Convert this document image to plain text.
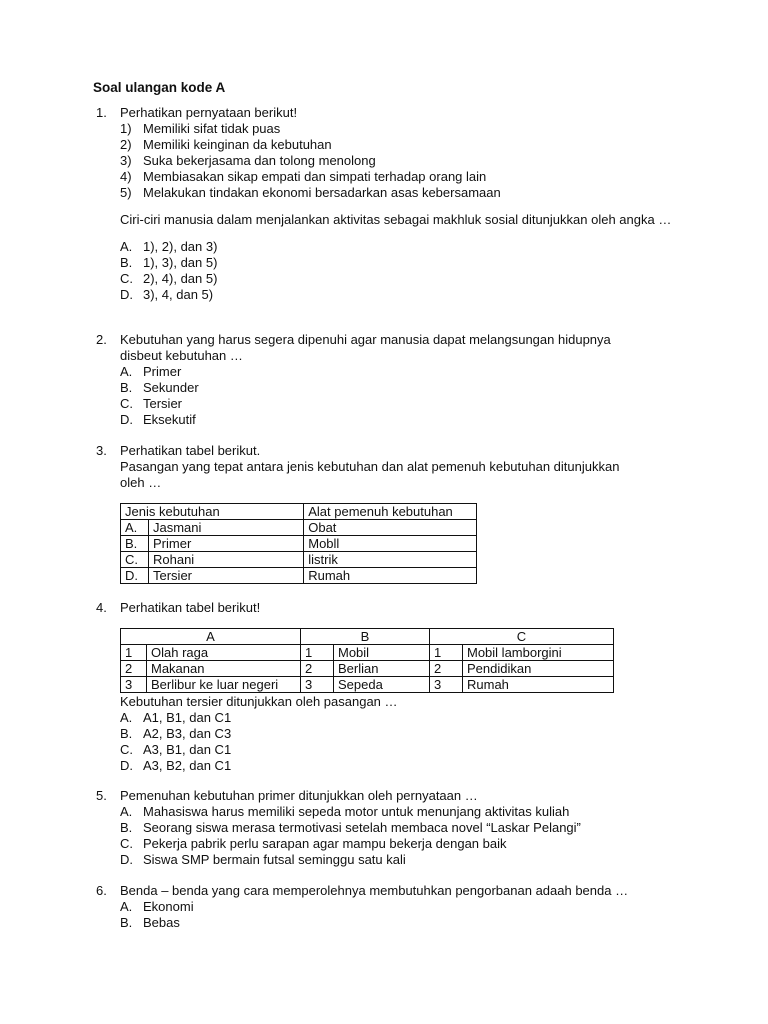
Soal ulangan kode A
1.	Perhatikan pernyataan berikut!
1) Memiliki sifat tidak puas
2) Memiliki keinginan da kebutuhan
3) Suka bekerjasama dan tolong menolong
4) Membiasakan sikap empati dan simpati terhadap orang lain
5) Melakukan tindakan ekonomi bersadarkan asas kebersamaan
Ciri-ciri manusia dalam menjalankan aktivitas sebagai makhluk sosial ditunjukkan oleh angka …
A. 1), 2), dan 3)
B. 1), 3), dan 5)
C. 2), 4), dan 5)
D. 3), 4, dan 5)
2.	Kebutuhan yang harus segera dipenuhi agar manusia dapat melangsungan hidupnya
disbeut kebutuhan …
A. Primer
B. Sekunder
C. Tersier
D. Eksekutif
3.	Perhatikan tabel berikut.
Pasangan yang tepat antara jenis kebutuhan dan alat pemenuh kebutuhan ditunjukkan
oleh …
Jenis kebutuhan		Alat pemenuh kebutuhan
A.	Jasmani	Obat
B.	Primer	Mobll
C.	Rohani	listrik
D.	Tersier	Rumah
4.	Perhatikan tabel berikut!
A		B		C	
1	Olah raga	1	Mobil	1	Mobil lamborgini
2	Makanan	2	Berlian	2	Pendidikan
3	Berlibur ke luar negeri	3	Sepeda	3	Rumah
Kebutuhan tersier ditunjukkan oleh pasangan …
A. A1, B1, dan C1
B. A2, B3, dan C3
C. A3, B1, dan C1
D. A3, B2, dan C1
5.	Pemenuhan kebutuhan primer ditunjukkan oleh pernyataan …
A. Mahasiswa harus memiliki sepeda motor untuk menunjang aktivitas kuliah
B. Seorang siswa merasa termotivasi setelah membaca novel “Laskar Pelangi”
C. Pekerja pabrik perlu sarapan agar mampu bekerja dengan baik
D. Siswa SMP bermain futsal seminggu satu kali
6.	Benda – benda yang cara memperolehnya membutuhkan pengorbanan adaah benda …
A. Ekonomi
B. Bebas
